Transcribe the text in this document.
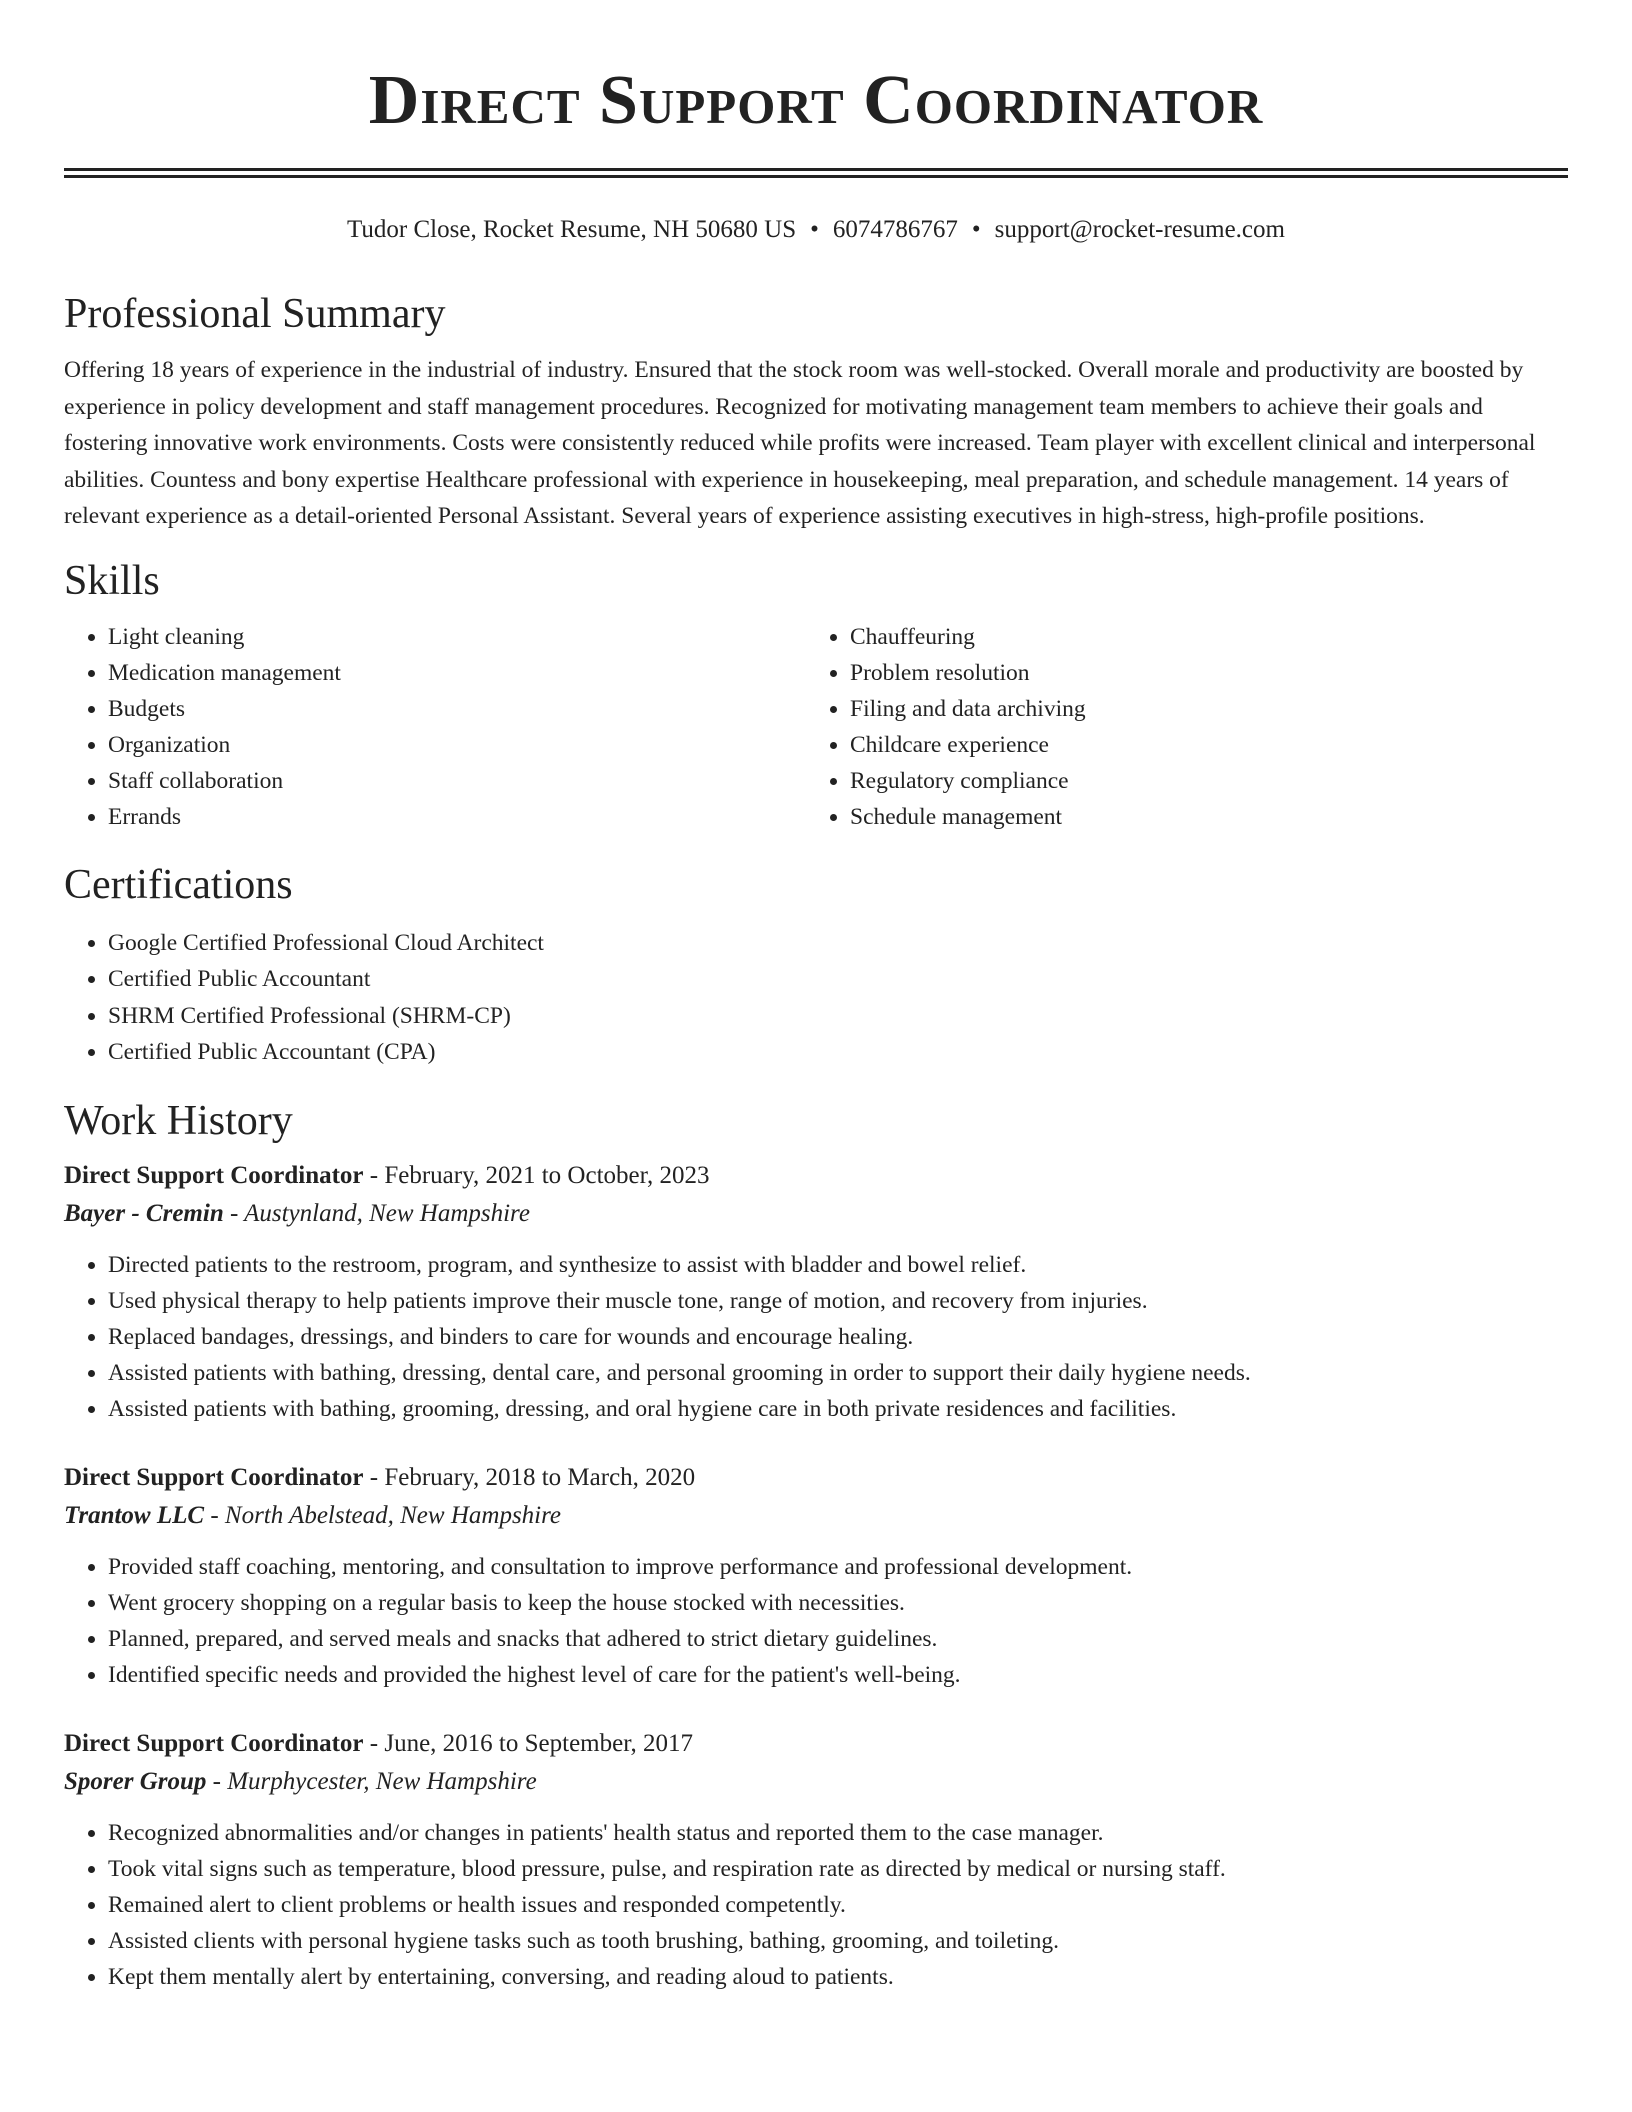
Direct Support Coordinator
Tudor Close, Rocket Resume, NH 50680 US • 6074786767 • support@rocket-resume.com
Professional Summary
Offering 18 years of experience in the industrial of industry. Ensured that the stock room was well-stocked. Overall morale and productivity are boosted by experience in policy development and staff management procedures. Recognized for motivating management team members to achieve their goals and fostering innovative work environments. Costs were consistently reduced while profits were increased. Team player with excellent clinical and interpersonal abilities. Countess and bony expertise Healthcare professional with experience in housekeeping, meal preparation, and schedule management. 14 years of relevant experience as a detail-oriented Personal Assistant. Several years of experience assisting executives in high-stress, high-profile positions.
Skills
• Light cleaning
• Medication management
• Budgets
• Organization
• Staff collaboration
• Errands
• Chauffeuring
• Problem resolution
• Filing and data archiving
• Childcare experience
• Regulatory compliance
• Schedule management
Certifications
• Google Certified Professional Cloud Architect
• Certified Public Accountant
• SHRM Certified Professional (SHRM-CP)
• Certified Public Accountant (CPA)
Work History
Direct Support Coordinator - February, 2021 to October, 2023
Bayer - Cremin - Austynland, New Hampshire
• Directed patients to the restroom, program, and synthesize to assist with bladder and bowel relief.
• Used physical therapy to help patients improve their muscle tone, range of motion, and recovery from injuries.
• Replaced bandages, dressings, and binders to care for wounds and encourage healing.
• Assisted patients with bathing, dressing, dental care, and personal grooming in order to support their daily hygiene needs.
• Assisted patients with bathing, grooming, dressing, and oral hygiene care in both private residences and facilities.
Direct Support Coordinator - February, 2018 to March, 2020
Trantow LLC - North Abelstead, New Hampshire
• Provided staff coaching, mentoring, and consultation to improve performance and professional development.
• Went grocery shopping on a regular basis to keep the house stocked with necessities.
• Planned, prepared, and served meals and snacks that adhered to strict dietary guidelines.
• Identified specific needs and provided the highest level of care for the patient's well-being.
Direct Support Coordinator - June, 2016 to September, 2017
Sporer Group - Murphycester, New Hampshire
• Recognized abnormalities and/or changes in patients' health status and reported them to the case manager.
• Took vital signs such as temperature, blood pressure, pulse, and respiration rate as directed by medical or nursing staff.
• Remained alert to client problems or health issues and responded competently.
• Assisted clients with personal hygiene tasks such as tooth brushing, bathing, grooming, and toileting.
• Kept them mentally alert by entertaining, conversing, and reading aloud to patients.
